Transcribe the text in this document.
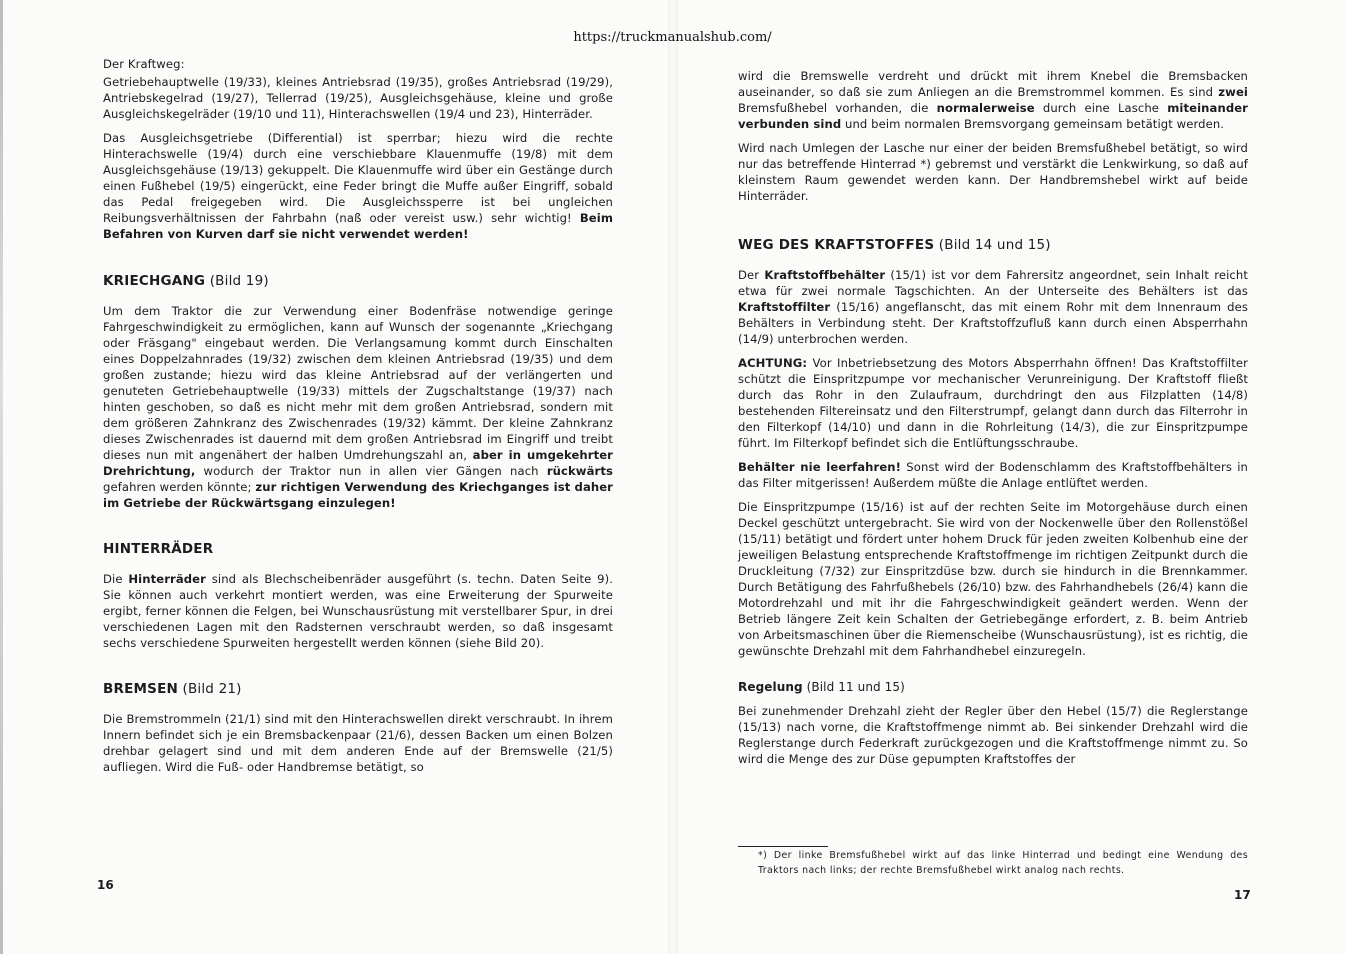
https://truckmanualshub.com/

Der Kraftweg:

Getriebehauptwelle (19/33), kleines Antriebsrad (19/35), großes Antriebsrad (19/29), Antriebskegelrad (19/27), Tellerrad (19/25), Ausgleichsgehäuse, kleine und große Ausgleichskegelräder (19/10 und 11), Hinterachswellen (19/4 und 23), Hinterräder.

Das Ausgleichsgetriebe (Differential) ist sperrbar; hiezu wird die rechte Hinterachswelle (19/4) durch eine verschiebbare Klauenmuffe (19/8) mit dem Ausgleichsgehäuse (19/13) gekuppelt. Die Klauenmuffe wird über ein Gestänge durch einen Fußhebel (19/5) eingerückt, eine Feder bringt die Muffe außer Eingriff, sobald das Pedal freigegeben wird. Die Ausgleichssperre ist bei ungleichen Reibungsverhältnissen der Fahrbahn (naß oder vereist usw.) sehr wichtig! Beim Befahren von Kurven darf sie nicht verwendet werden!

KRIECHGANG (Bild 19)

Um dem Traktor die zur Verwendung einer Bodenfräse notwendige geringe Fahrgeschwindigkeit zu ermöglichen, kann auf Wunsch der sogenannte „Kriechgang oder Fräsgang" eingebaut werden. Die Verlangsamung kommt durch Einschalten eines Doppelzahnrades (19/32) zwischen dem kleinen Antriebsrad (19/35) und dem großen zustande; hiezu wird das kleine Antriebsrad auf der verlängerten und genuteten Getriebehauptwelle (19/33) mittels der Zugschaltstange (19/37) nach hinten geschoben, so daß es nicht mehr mit dem großen Antriebsrad, sondern mit dem größeren Zahnkranz des Zwischenrades (19/32) kämmt. Der kleine Zahnkranz dieses Zwischenrades ist dauernd mit dem großen Antriebsrad im Eingriff und treibt dieses nun mit angenähert der halben Umdrehungszahl an, aber in umgekehrter Drehrichtung, wodurch der Traktor nun in allen vier Gängen nach rückwärts gefahren werden könnte; zur richtigen Verwendung des Kriechganges ist daher im Getriebe der Rückwärtsgang einzulegen!

HINTERRÄDER

Die Hinterräder sind als Blechscheibenräder ausgeführt (s. techn. Daten Seite 9). Sie können auch verkehrt montiert werden, was eine Erweiterung der Spurweite ergibt, ferner können die Felgen, bei Wunschausrüstung mit verstellbarer Spur, in drei verschiedenen Lagen mit den Radsternen verschraubt werden, so daß insgesamt sechs verschiedene Spurweiten hergestellt werden können (siehe Bild 20).

BREMSEN (Bild 21)

Die Bremstrommeln (21/1) sind mit den Hinterachswellen direkt verschraubt. In ihrem Innern befindet sich je ein Bremsbackenpaar (21/6), dessen Backen um einen Bolzen drehbar gelagert sind und mit dem anderen Ende auf der Bremswelle (21/5) aufliegen. Wird die Fuß- oder Handbremse betätigt, so

16

wird die Bremswelle verdreht und drückt mit ihrem Knebel die Bremsbacken auseinander, so daß sie zum Anliegen an die Bremstrommel kommen. Es sind zwei Bremsfußhebel vorhanden, die normalerweise durch eine Lasche miteinander verbunden sind und beim normalen Bremsvorgang gemeinsam betätigt werden.

Wird nach Umlegen der Lasche nur einer der beiden Bremsfußhebel betätigt, so wird nur das betreffende Hinterrad *) gebremst und verstärkt die Lenkwirkung, so daß auf kleinstem Raum gewendet werden kann. Der Handbremshebel wirkt auf beide Hinterräder.

WEG DES KRAFTSTOFFES (Bild 14 und 15)

Der Kraftstoffbehälter (15/1) ist vor dem Fahrersitz angeordnet, sein Inhalt reicht etwa für zwei normale Tagschichten. An der Unterseite des Behälters ist das Kraftstoffilter (15/16) angeflanscht, das mit einem Rohr mit dem Innenraum des Behälters in Verbindung steht. Der Kraftstoffzufluß kann durch einen Absperrhahn (14/9) unterbrochen werden.

ACHTUNG: Vor Inbetriebsetzung des Motors Absperrhahn öffnen! Das Kraftstoffilter schützt die Einspritzpumpe vor mechanischer Verunreinigung. Der Kraftstoff fließt durch das Rohr in den Zulaufraum, durchdringt den aus Filzplatten (14/8) bestehenden Filtereinsatz und den Filterstrumpf, gelangt dann durch das Filterrohr in den Filterkopf (14/10) und dann in die Rohrleitung (14/3), die zur Einspritzpumpe führt. Im Filterkopf befindet sich die Entlüftungsschraube.

Behälter nie leerfahren! Sonst wird der Bodenschlamm des Kraftstoffbehälters in das Filter mitgerissen! Außerdem müßte die Anlage entlüftet werden.

Die Einspritzpumpe (15/16) ist auf der rechten Seite im Motorgehäuse durch einen Deckel geschützt untergebracht. Sie wird von der Nockenwelle über den Rollenstößel (15/11) betätigt und fördert unter hohem Druck für jeden zweiten Kolbenhub eine der jeweiligen Belastung entsprechende Kraftstoffmenge im richtigen Zeitpunkt durch die Druckleitung (7/32) zur Einspritzdüse bzw. durch sie hindurch in die Brennkammer. Durch Betätigung des Fahrfußhebels (26/10) bzw. des Fahrhandhebels (26/4) kann die Motordrehzahl und mit ihr die Fahrgeschwindigkeit geändert werden. Wenn der Betrieb längere Zeit kein Schalten der Getriebegänge erfordert, z. B. beim Antrieb von Arbeitsmaschinen über die Riemenscheibe (Wunschausrüstung), ist es richtig, die gewünschte Drehzahl mit dem Fahrhandhebel einzuregeln.

Regelung (Bild 11 und 15)

Bei zunehmender Drehzahl zieht der Regler über den Hebel (15/7) die Reglerstange (15/13) nach vorne, die Kraftstoffmenge nimmt ab. Bei sinkender Drehzahl wird die Reglerstange durch Federkraft zurückgezogen und die Kraftstoffmenge nimmt zu. So wird die Menge des zur Düse gepumpten Kraftstoffes der

*) Der linke Bremsfußhebel wirkt auf das linke Hinterrad und bedingt eine Wendung des Traktors nach links; der rechte Bremsfußhebel wirkt analog nach rechts.
17
